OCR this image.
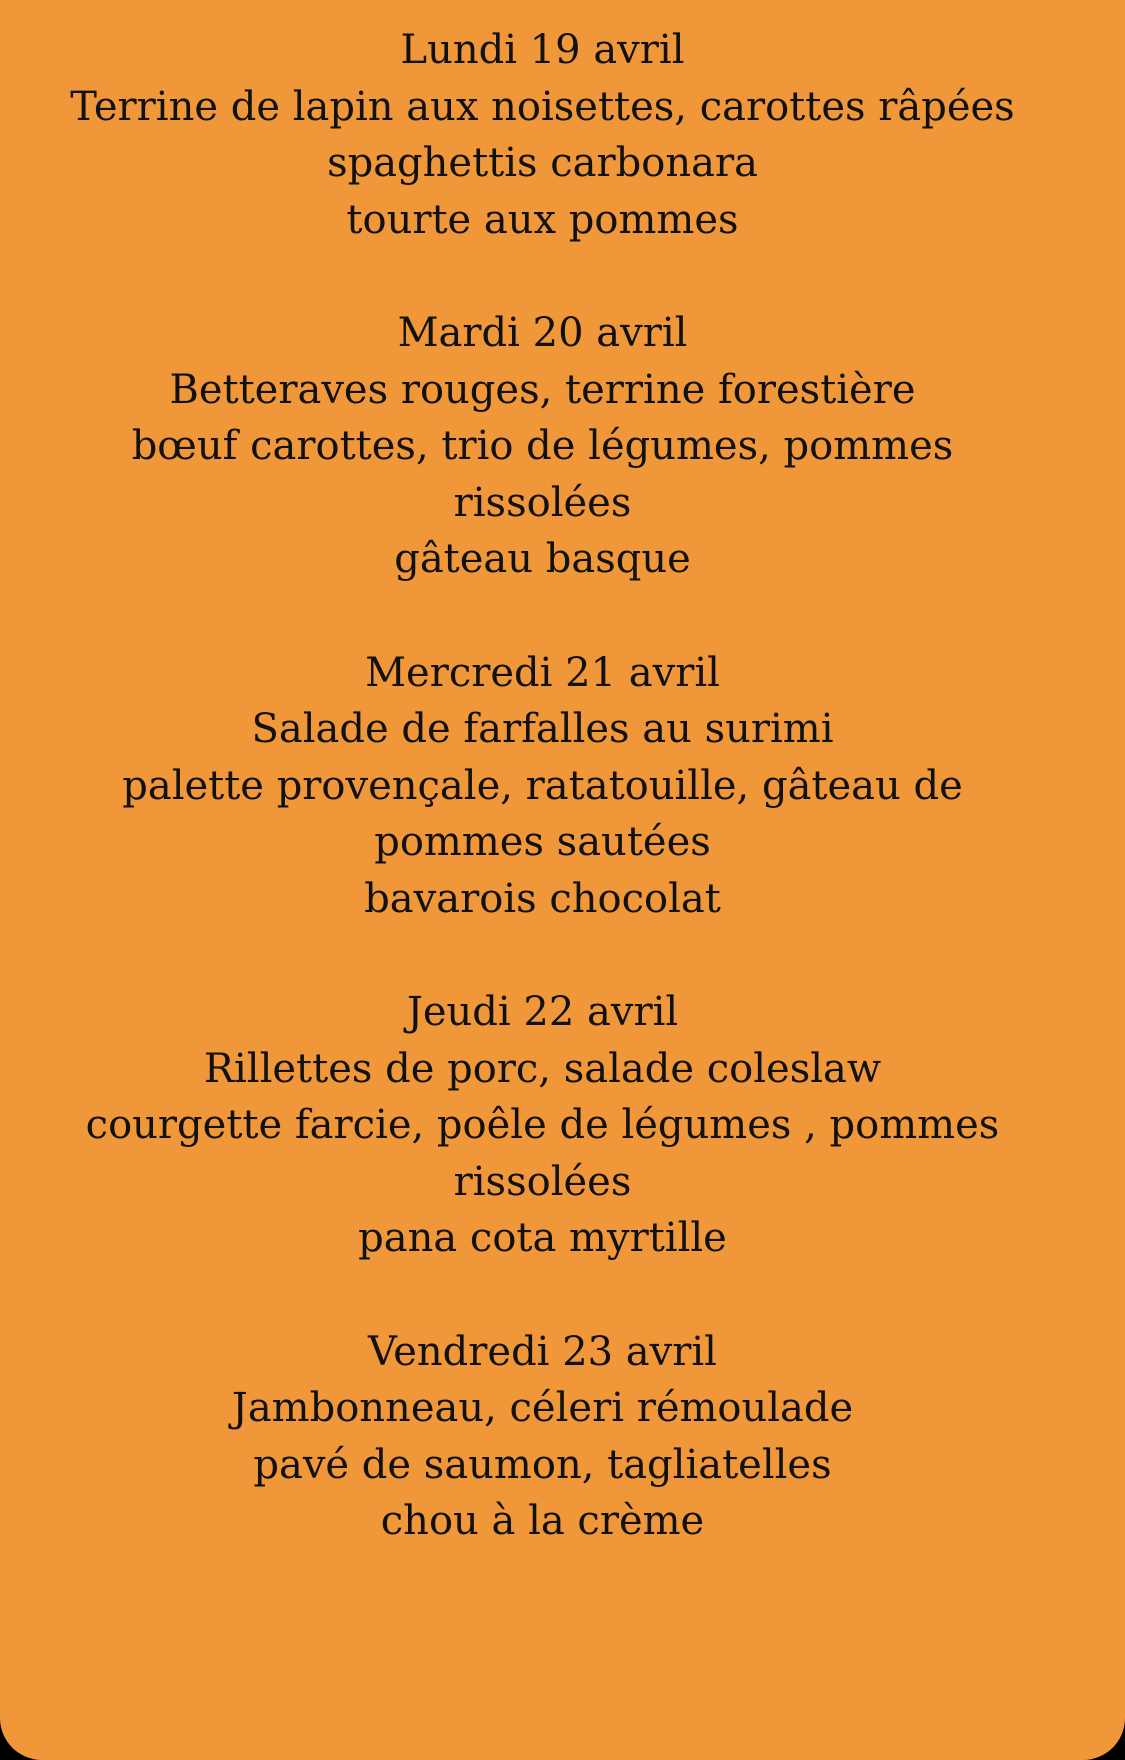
Lundi 19 avril
Terrine de lapin aux noisettes, carottes râpées
spaghettis carbonara
tourte aux pommes
Mardi 20 avril
Betteraves rouges, terrine forestière
bœuf carottes, trio de légumes, pommes
rissolées
gâteau basque
Mercredi 21 avril
Salade de farfalles au surimi
palette provençale, ratatouille, gâteau de
pommes sautées
bavarois chocolat
Jeudi 22 avril
Rillettes de porc, salade coleslaw
courgette farcie, poêle de légumes , pommes
rissolées
pana cota myrtille
Vendredi 23 avril
Jambonneau, céleri rémoulade
pavé de saumon, tagliatelles
chou à la crème
